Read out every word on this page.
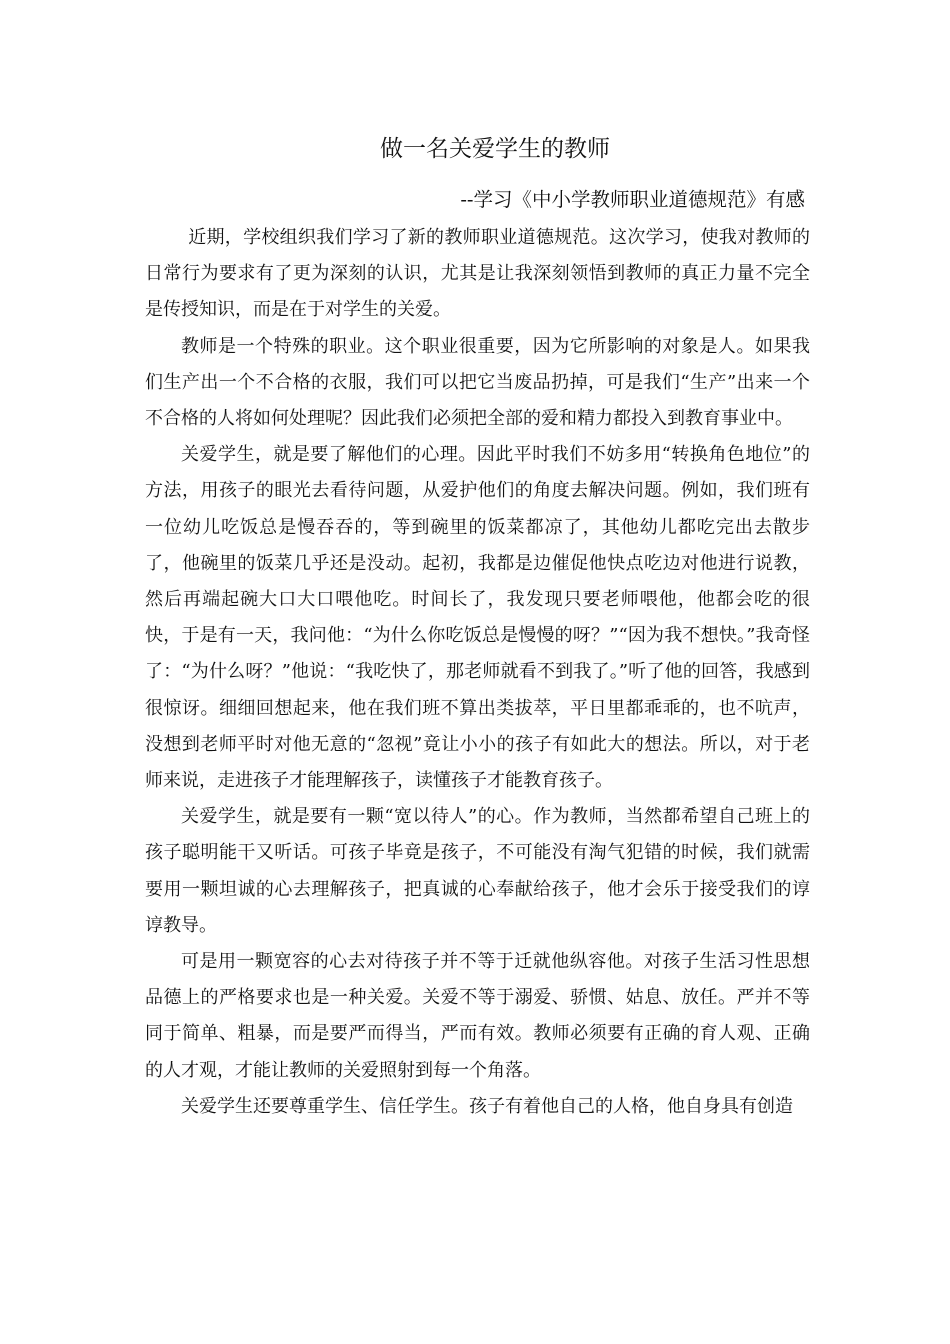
做一名关爱学生的教师
--学习《中小学教师职业道德规范》有感

近期，学校组织我们学习了新的教师职业道德规范。这次学习，使我对教师的日常行为要求有了更为深刻的认识，尤其是让我深刻领悟到教师的真正力量不完全是传授知识，而是在于对学生的关爱。

教师是一个特殊的职业。这个职业很重要，因为它所影响的对象是人。如果我们生产出一个不合格的衣服，我们可以把它当废品扔掉，可是我们“生产”出来一个不合格的人将如何处理呢？因此我们必须把全部的爱和精力都投入到教育事业中。

关爱学生，就是要了解他们的心理。因此平时我们不妨多用“转换角色地位”的方法，用孩子的眼光去看待问题，从爱护他们的角度去解决问题。例如，我们班有一位幼儿吃饭总是慢吞吞的，等到碗里的饭菜都凉了，其他幼儿都吃完出去散步了，他碗里的饭菜几乎还是没动。起初，我都是边催促他快点吃边对他进行说教，然后再端起碗大口大口喂他吃。时间长了，我发现只要老师喂他，他都会吃的很快，于是有一天，我问他：“为什么你吃饭总是慢慢的呀？”“因为我不想快。”我奇怪了：“为什么呀？”他说：“我吃快了，那老师就看不到我了。”听了他的回答，我感到很惊讶。细细回想起来，他在我们班不算出类拔萃，平日里都乖乖的，也不吭声，没想到老师平时对他无意的“忽视”竟让小小的孩子有如此大的想法。所以，对于老师来说，走进孩子才能理解孩子，读懂孩子才能教育孩子。

关爱学生，就是要有一颗“宽以待人”的心。作为教师，当然都希望自己班上的孩子聪明能干又听话。可孩子毕竟是孩子，不可能没有淘气犯错的时候，我们就需要用一颗坦诚的心去理解孩子，把真诚的心奉献给孩子，他才会乐于接受我们的谆谆教导。

可是用一颗宽容的心去对待孩子并不等于迁就他纵容他。对孩子生活习性思想品德上的严格要求也是一种关爱。关爱不等于溺爱、骄惯、姑息、放任。严并不等同于简单、粗暴，而是要严而得当，严而有效。教师必须要有正确的育人观、正确的人才观，才能让教师的关爱照射到每一个角落。

关爱学生还要尊重学生、信任学生。孩子有着他自己的人格，他自身具有创造
